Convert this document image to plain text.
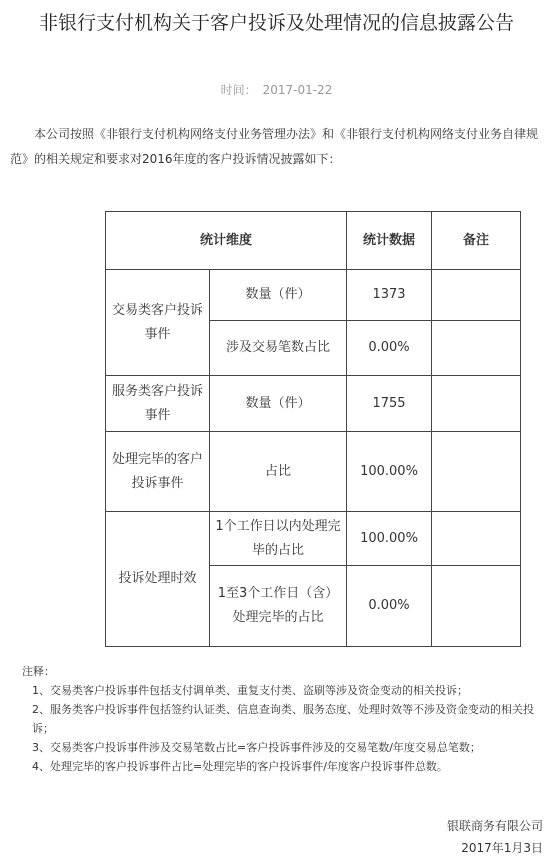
非银行支付机构关于客户投诉及处理情况的信息披露公告
时间： 2017-01-22

本公司按照《非银行支付机构网络支付业务管理办法》和《非银行支付机构网络支付业务自律规范》的相关规定和要求对2016年度的客户投诉情况披露如下：

统计维度		统计数据	备注
交易类客户投诉事件	数量（件）	1373	
	涉及交易笔数占比	0.00%	
服务类客户投诉事件	数量（件）	1755	
处理完毕的客户投诉事件	占比	100.00%	
投诉处理时效	1个工作日以内处理完毕的占比	100.00%	
	1至3个工作日（含）处理完毕的占比	0.00%	

注释：

1、交易类客户投诉事件包括支付调单类、重复支付类、盗刷等涉及资金变动的相关投诉；

2、服务类客户投诉事件包括签约认证类、信息查询类、服务态度、处理时效等不涉及资金变动的相关投诉；

3、交易类客户投诉事件涉及交易笔数占比=客户投诉事件涉及的交易笔数/年度交易总笔数；

4、处理完毕的客户投诉事件占比=处理完毕的客户投诉事件/年度客户投诉事件总数。

银联商务有限公司
2017年1月3日
